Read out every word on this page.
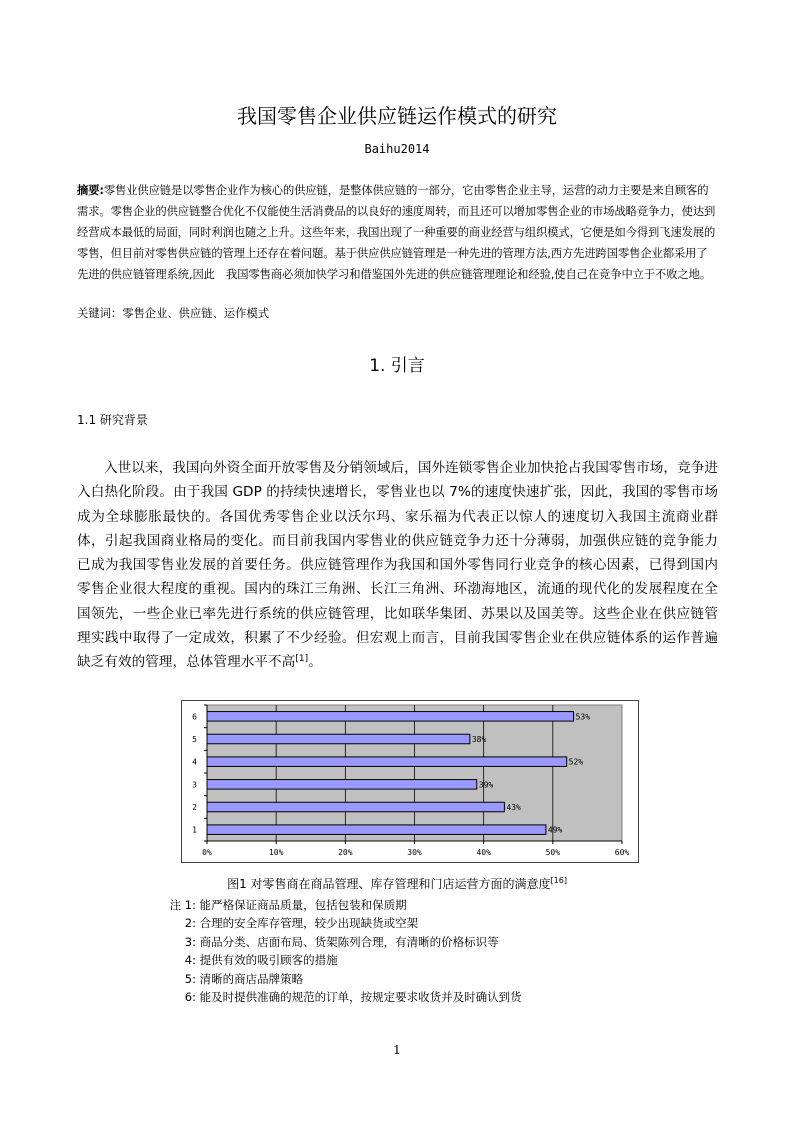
我国零售企业供应链运作模式的研究
Baihu2014
摘要:零售业供应链是以零售企业作为核心的供应链，是整体供应链的一部分，它由零售企业主导，运营的动力主要是来自顾客的需求。零售企业的供应链整合优化不仅能使生活消费品的以良好的速度周转，而且还可以增加零售企业的市场战略竞争力，使达到经营成本最低的局面，同时利润也随之上升。这些年来，我国出现了一种重要的商业经营与组织模式，它便是如今得到飞速发展的零售，但目前对零售供应链的管理上还存在着问题。基于供应供应链管理是一种先进的管理方法,西方先进跨国零售企业都采用了先进的供应链管理系统,因此　我国零售商必须加快学习和借鉴国外先进的供应链管理理论和经验,使自己在竞争中立于不败之地。
关键词：零售企业、供应链、运作模式
1. 引言
1.1 研究背景
入世以来，我国向外资全面开放零售及分销领域后，国外连锁零售企业加快抢占我国零售市场，竞争进入白热化阶段。由于我国 GDP 的持续快速增长，零售业也以 7%的速度快速扩张，因此，我国的零售市场成为全球膨胀最快的。各国优秀零售企业以沃尔玛、家乐福为代表正以惊人的速度切入我国主流商业群体，引起我国商业格局的变化。而目前我国内零售业的供应链竞争力还十分薄弱，加强供应链的竞争能力已成为我国零售业发展的首要任务。供应链管理作为我国和国外零售同行业竞争的核心因素，已得到国内零售企业很大程度的重视。国内的珠江三角洲、长江三角洲、环渤海地区，流通的现代化的发展程度在全国领先，一些企业已率先进行系统的供应链管理，比如联华集团、苏果以及国美等。这些企业在供应链管理实践中取得了一定成效，积累了不少经验。但宏观上而言，目前我国零售企业在供应链体系的运作普遍缺乏有效的管理，总体管理水平不高[1]。
0%	10%	20%	30%	40%	50%	60%
49%
1
43%
2
39%
3
52%
4
38%
5
53%
6
图1 对零售商在商品管理、库存管理和门店运营方面的满意度[16]
注 1: 能严格保证商品质量，包括包装和保质期
2: 合理的安全库存管理，较少出现缺货或空架
3: 商品分类、店面布局、货架陈列合理，有清晰的价格标识等
4: 提供有效的吸引顾客的措施
5: 清晰的商店品牌策略
6: 能及时提供准确的规范的订单，按规定要求收货并及时确认到货
1
